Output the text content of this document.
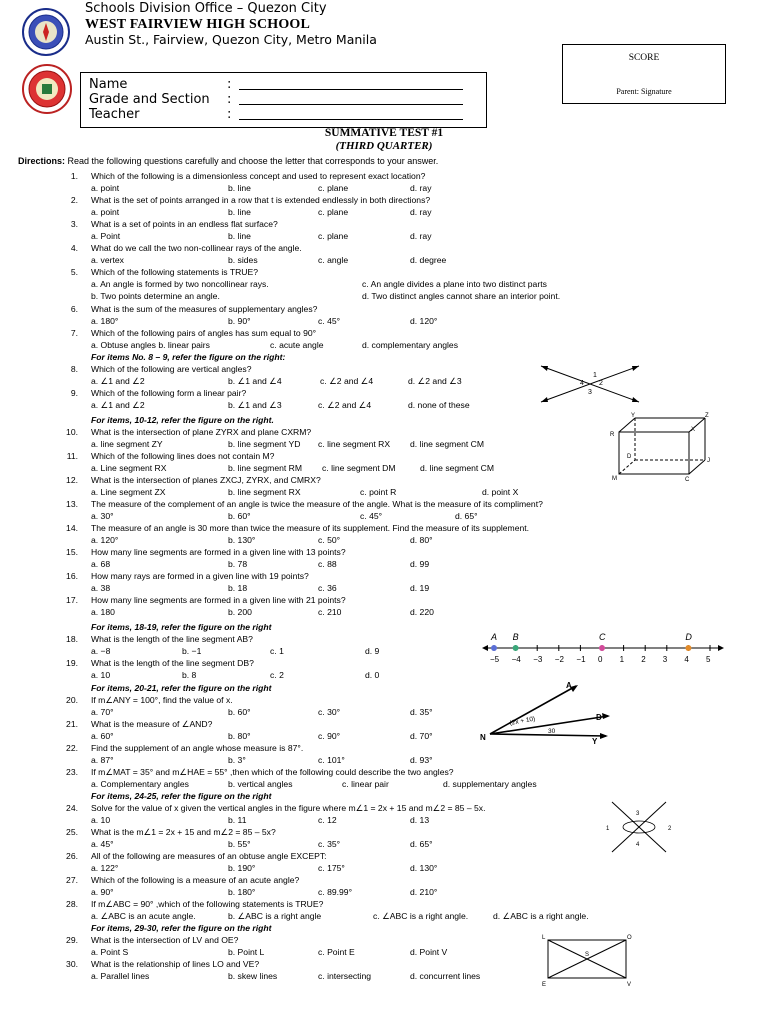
Schools Division Office – Quezon City
WEST FAIRVIEW HIGH SCHOOL
Austin St., Fairview, Quezon City, Metro Manila
Name	:
Grade and Section :
Teacher	:
SCORE
Parent: Signature
SUMMATIVE TEST #1
(THIRD QUARTER)
Directions: Read the following questions carefully and choose the letter that corresponds to your answer.
1. Which of the following is a dimensionless concept and used to represent exact location?
a. point	b. line	c. plane	d. ray
2. What is the set of points arranged in a row that t is extended endlessly in both directions?
a. point	b. line	c. plane	d. ray
3. What is a set of points in an endless flat surface?
a. Point	b. line	c. plane	d. ray
4. What do we call the two non-collinear rays of the angle.
a. vertex	b. sides	c. angle	d. degree
5. Which of the following statements is TRUE?
a. An angle is formed by two noncollinear rays.
b. Two points determine an angle.
c. An angle divides a plane into two distinct parts
d. Two distinct angles cannot share an interior point.
6. What is the sum of the measures of supplementary angles?
a. 180°	b. 90°	c. 45°	d. 120°
7. Which of the following pairs of angles has sum equal to 90°
a. Obtuse angles b. linear pairs	c. acute angle	d. complementary angles
8. Which of the following are vertical angles?
a. ∠1 and ∠2	b. ∠1 and ∠4	c. ∠2 and ∠4	d. ∠2 and ∠3
9. Which of the following form a linear pair?
a. ∠1 and ∠2	b. ∠1 and ∠3	c. ∠2 and ∠4	d. none of these
10. What is the intersection of plane ZYRX and plane CXRM?
a. line segment ZY	b. line segment YD c. line segment RX d. line segment CM
11. Which of the following lines does not contain M?
a. Line segment RX	b. line segment RM c. line segment DM	d. line segment CM
12. What is the intersection of planes ZXCJ, ZYRX, and CMRX?
a. Line segment ZX	b. line segment RX	c. point R	d. point X
13. The measure of the complement of an angle is twice the measure of the angle. What is the measure of its compliment?
a. 30°	b. 60°	c. 45°	d. 65°
14. The measure of an angle is 30 more than twice the measure of its supplement. Find the measure of its supplement.
a. 120°	b. 130°	c. 50°	d. 80°
15. How many line segments are formed in a given line with 13 points?
a. 68	b. 78	c. 88	d. 99
16. How many rays are formed in a given line with 19 points?
a. 38	b. 18	c. 36	d. 19
17. How many line segments are formed in a given line with 21 points?
a. 180	b. 200	c. 210	d. 220
18. What is the length of the line segment AB?
a. −8	b. −1	c. 1	d. 9
19. What is the length of the line segment DB?
a. 10	b. 8	c. 2	d. 0
20. If m∠ANY = 100°, find the value of x.
a. 70°	b. 60°	c. 30°	d. 35°
21. What is the measure of ∠AND?
a. 60°	b. 80°	c. 90°	d. 70°
22. Find the supplement of an angle whose measure is 87°.
a. 87°	b. 3°	c. 101°	d. 93°
23. If m∠MAT = 35° and m∠HAE = 55° ,then which of the following could describe the two angles?
a. Complementary angles	b. vertical angles	c. linear pair	d. supplementary angles
24. Solve for the value of x given the vertical angles in the figure where m∠1 = 2x + 15 and m∠2 = 85 – 5x.
a. 10	b. 11	c. 12	d. 13
25. What is the m∠1 = 2x + 15 and m∠2 = 85 – 5x?
a. 45°	b. 55°	c. 35°	d. 65°
26. All of the following are measures of an obtuse angle EXCEPT:
a. 122°	b. 190°	c. 175°	d. 130°
27. Which of the following is a measure of an acute angle?
a. 90°	b. 180°	c. 89.99°	d. 210°
28. If m∠ABC = 90° ,which of the following statements is TRUE?
a. ∠ABC is an acute angle.	b. ∠ABC is a right angle	c. ∠ABC is a right angle.	d. ∠ABC is a right angle.
29. What is the intersection of LV and OE?
a. Point S	b. Point L	c. Point E	d. Point V
30. What is the relationship of lines LO and VE?
a. Parallel lines	b. skew lines	c. intersecting	d. concurrent lines
For items No. 8 – 9, refer the figure on the right:
For items, 10-12, refer the figure on the right.
For items, 18-19, refer the figure on the right
For items, 20-21, refer the figure on the right
For items, 24-25, refer the figure on the right
For items, 29-30, refer the figure on the right
1
2
3
4
Y	Z
R
X
D
J
M	C
−5 −4 −3 −2 −1 0 1 2 3 4 5
A B	C	D
A
D
N	Y
(2x + 10)
30
3
1	2
4
L	O
S
E	V
